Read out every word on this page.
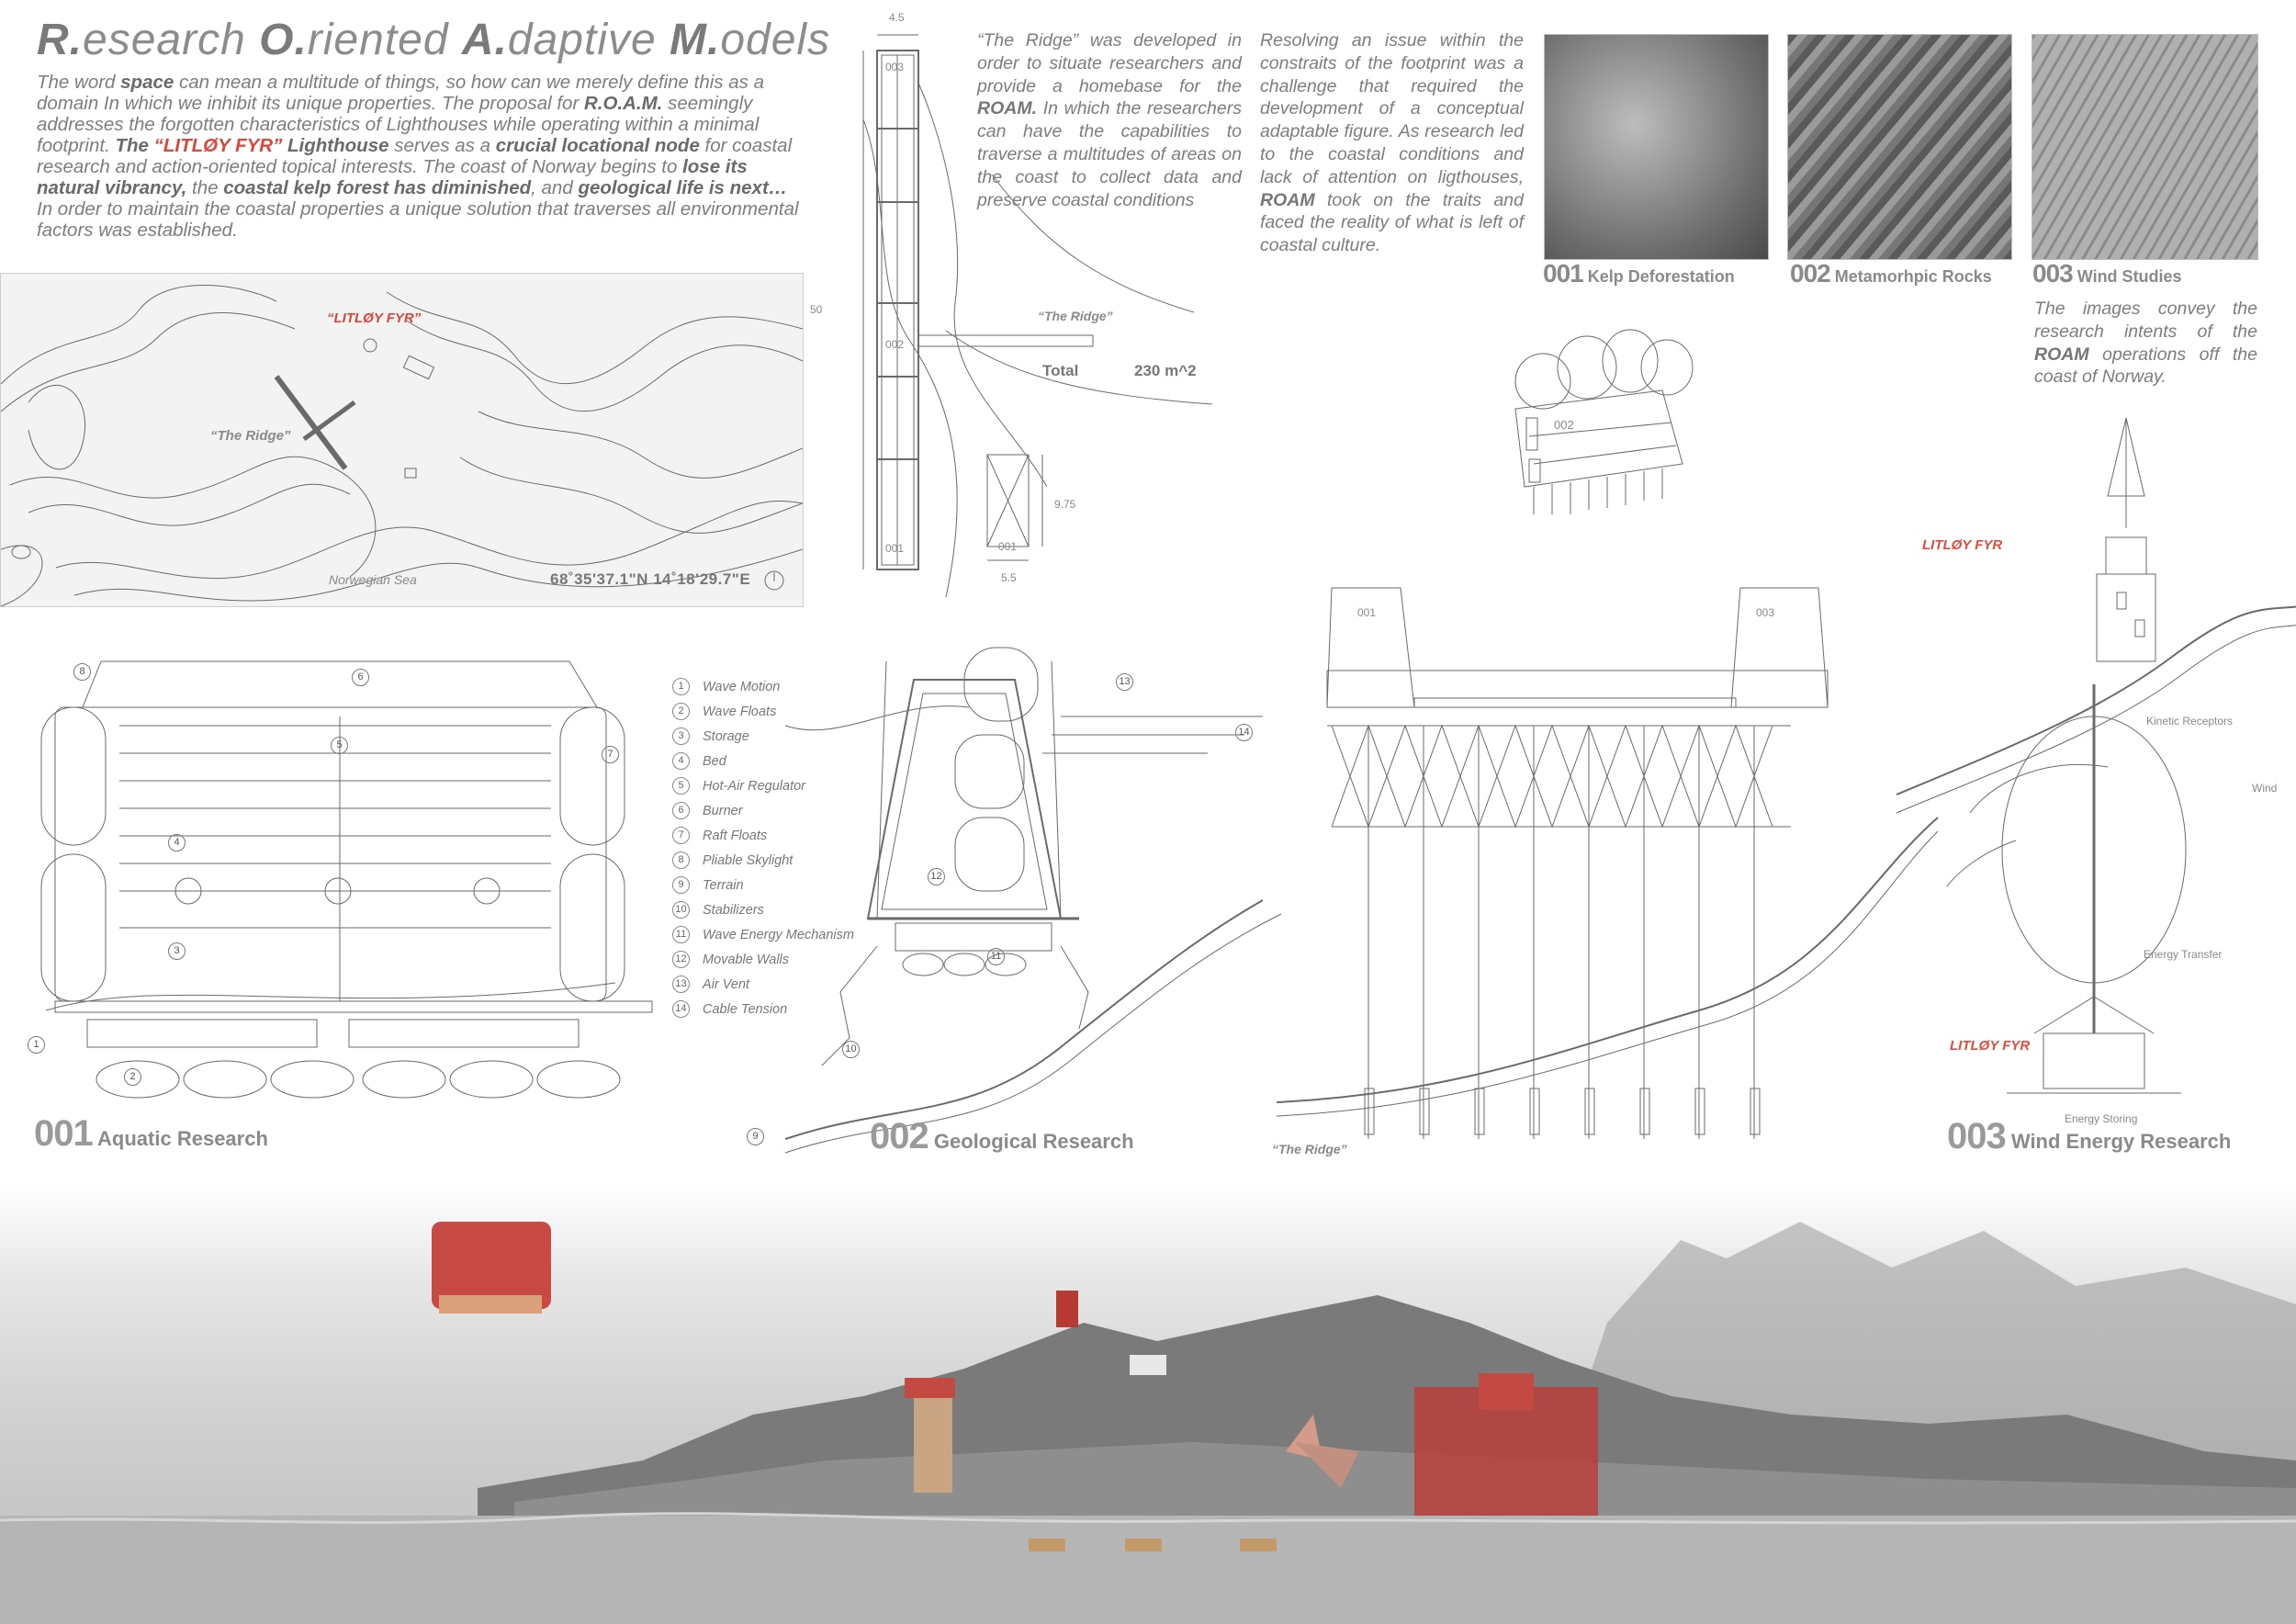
R.esearch O.riented A.daptive M.odels
The word space can mean a multitude of things, so how can we merely define this as a domain In which we inhibit its unique properties. The proposal for R.O.A.M. seemingly addresses the forgotten characteristics of Lighthouses while operating within a minimal footprint. The “LITLØY FYR” Lighthouse serves as a crucial locational node for coastal research and action-oriented topical interests. The coast of Norway begins to lose its natural vibrancy, the coastal kelp forest has diminished, and geological life is next… In order to maintain the coastal properties a unique solution that traverses all environmental factors was established.
“LITLØY FYR”
“The Ridge”
Norwegian Sea	68˚35'37.1"N 14˚18'29.7"E
4.5
50
003
002
001
“The Ridge”
Total	230 m^2
001
9.75
5.5
“The Ridge” was developed in order to situate researchers and provide a homebase for the ROAM. In which the researchers can have the capabilities to traverse a multitudes of areas on the coast to collect data and preserve coastal conditions
Resolving an issue within the constraits of the footprint was a challenge that required the development of a conceptual adaptable figure. As research led to the coastal conditions and lack of attention on ligthouses, ROAM took on the traits and faced the reality of what is left of coastal culture.
001 Kelp Deforestation 002 Metamorhpic Rocks 003 Wind Studies
The images convey the research intents of the ROAM operations off the coast of Norway.
002
8	6
5
7
4
3
2
1
001 Aquatic Research
1	Wave Motion
2	Wave Floats
3	Storage
4	Bed
5	Hot-Air Regulator
6	Burner
7	Raft Floats
8	Pliable Skylight
9	Terrain
10 Stabilizers
11 Wave Energy Mechanism
12 Movable Walls
13 Air Vent
14 Cable Tension
13
14
12
11
10
9	002 Geological Research
001	003
“The Ridge”
LITLØY FYR
LITLØY FYR
Kinetic Receptors
Wind
Energy Transfer
Energy Storing
003 Wind Energy Research
